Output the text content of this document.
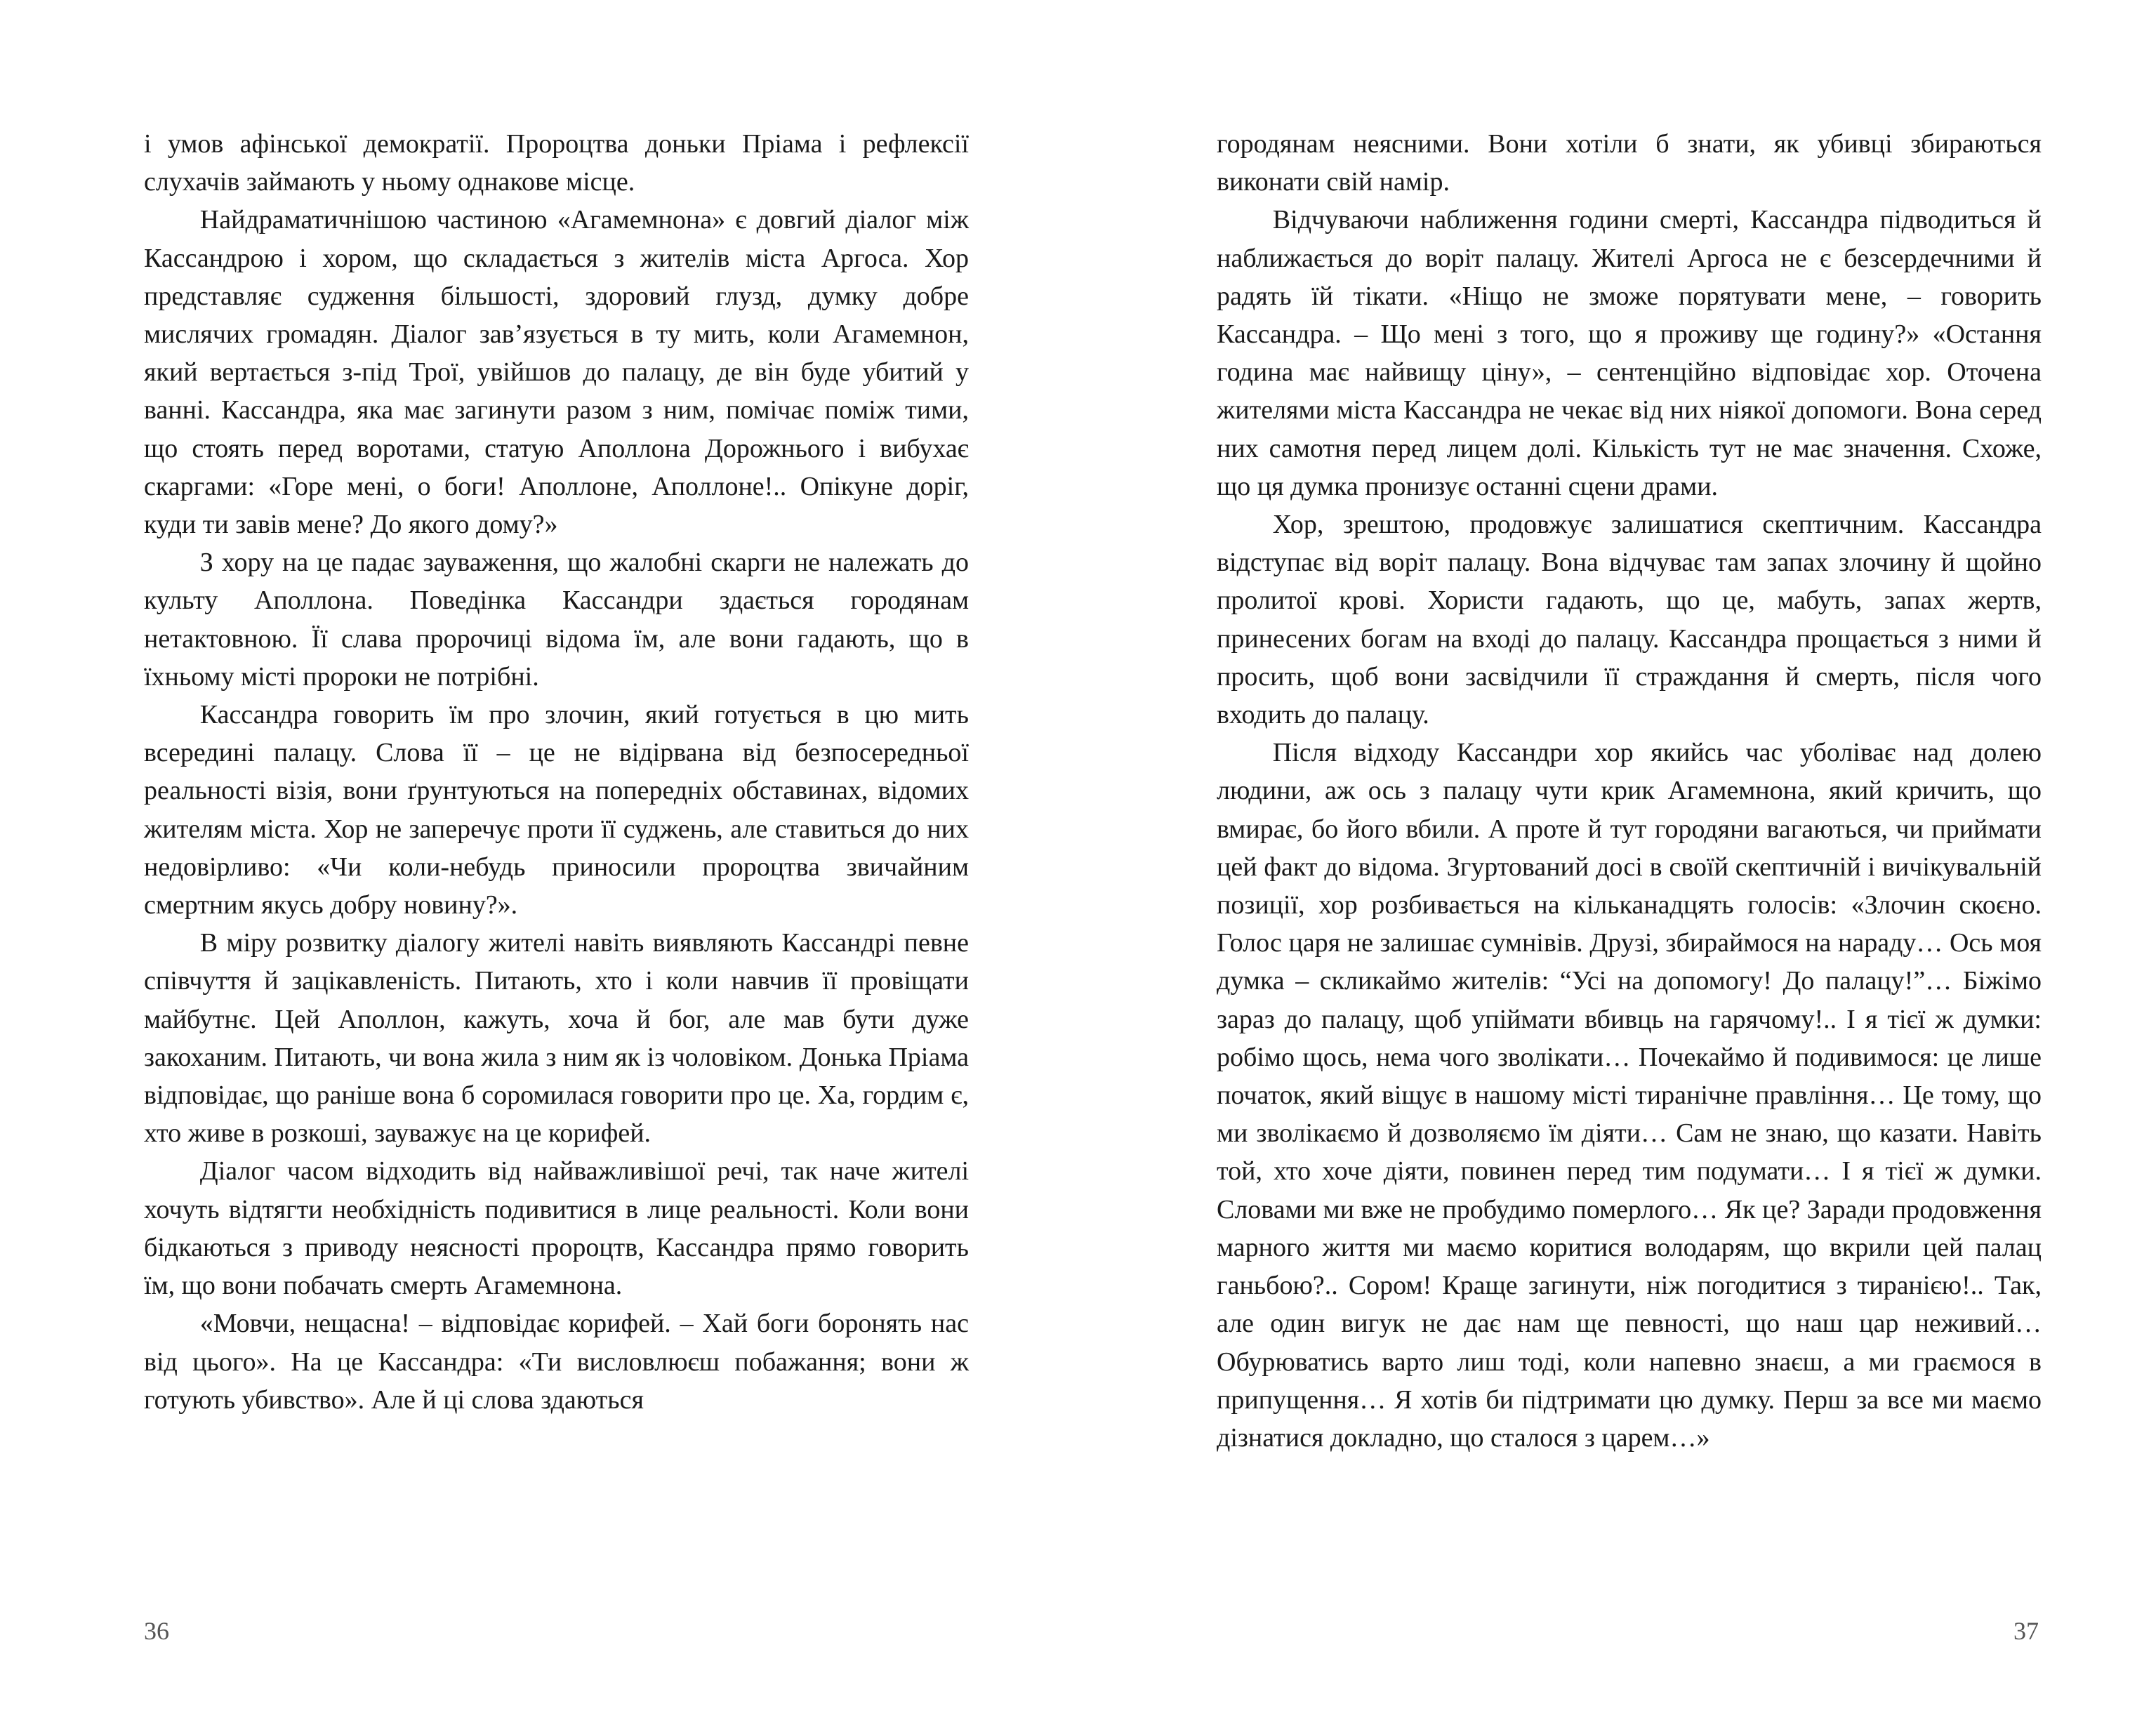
і умов афінської демократії. Пророцтва доньки Пріама і рефлексії слухачів займають у ньому однакове місце.

Найдраматичнішою частиною «Агамемнона» є довгий діалог між Кассандрою і хором, що складається з жителів міста Аргоса. Хор представляє судження більшості, здоровий глузд, думку добре мислячих громадян. Діалог зав’язується в ту мить, коли Агамемнон, який вертається з-під Трої, увійшов до палацу, де він буде убитий у ванні. Кассандра, яка має загинути разом з ним, помічає поміж тими, що стоять перед воротами, статую Аполлона Дорожнього і вибухає скаргами: «Горе мені, о боги! Аполлоне, Аполлоне!.. Опікуне доріг, куди ти завів мене? До якого дому?»

З хору на це падає зауваження, що жалобні скарги не належать до культу Аполлона. Поведінка Кассандри здається городянам нетактовною. Її слава пророчиці відома їм, але вони гадають, що в їхньому місті пророки не потрібні.

Кассандра говорить їм про злочин, який готується в цю мить всередині палацу. Слова її – це не відірвана від безпосередньої реальності візія, вони ґрунтуються на попередніх обставинах, відомих жителям міста. Хор не заперечує проти її суджень, але ставиться до них недовірливо: «Чи коли-небудь приносили пророцтва звичайним смертним якусь добру новину?».

В міру розвитку діалогу жителі навіть виявляють Кассандрі певне співчуття й зацікавленість. Питають, хто і коли навчив її провіщати майбутнє. Цей Аполлон, кажуть, хоча й бог, але мав бути дуже закоханим. Питають, чи вона жила з ним як із чоловіком. Донька Пріама відповідає, що раніше вона б соромилася говорити про це. Ха, гордим є, хто живе в розкоші, зауважує на це корифей.

Діалог часом відходить від найважливішої речі, так наче жителі хочуть відтягти необхідність подивитися в лице реальності. Коли вони бідкаються з приводу неясності пророцтв, Кассандра прямо говорить їм, що вони побачать смерть Агамемнона.

«Мовчи, нещасна! – відповідає корифей. – Хай боги боронять нас від цього». На це Кассандра: «Ти висловлюєш побажання; вони ж готують убивство». Але й ці слова здаються

36

городянам неясними. Вони хотіли б знати, як убивці збираються виконати свій намір.

Відчуваючи наближення години смерті, Кассандра підводиться й наближається до воріт палацу. Жителі Аргоса не є безсердечними й радять їй тікати. «Ніщо не зможе порятувати мене, – говорить Кассандра. – Що мені з того, що я проживу ще годину?» «Остання година має найвищу ціну», – сентенційно відповідає хор. Оточена жителями міста Кассандра не чекає від них ніякої допомоги. Вона серед них самотня перед лицем долі. Кількість тут не має значення. Схоже, що ця думка пронизує останні сцени драми.

Хор, зрештою, продовжує залишатися скептичним. Кассандра відступає від воріт палацу. Вона відчуває там запах злочину й щойно пролитої крові. Хористи гадають, що це, мабуть, запах жертв, принесених богам на вході до палацу. Кассандра прощається з ними й просить, щоб вони засвідчили її страждання й смерть, після чого входить до палацу.

Після відходу Кассандри хор якийсь час уболіває над долею людини, аж ось з палацу чути крик Агамемнона, який кричить, що вмирає, бо його вбили. А проте й тут городяни вагаються, чи приймати цей факт до відома. Згуртований досі в своїй скептичній і вичікувальній позиції, хор розбивається на кільканадцять голосів: «Злочин скоєно. Голос царя не залишає сумнівів. Друзі, збираймося на нараду… Ось моя думка – скликаймо жителів: “Усі на допомогу! До палацу!”… Біжімо зараз до палацу, щоб упіймати вбивць на гарячому!.. І я тієї ж думки: робімо щось, нема чого зволікати… Почекаймо й подивимося: це лише початок, який віщує в нашому місті тиранічне правління… Це тому, що ми зволікаємо й дозволяємо їм діяти… Сам не знаю, що казати. Навіть той, хто хоче діяти, повинен перед тим подумати… І я тієї ж думки. Словами ми вже не пробудимо померлого… Як це? Заради продовження марного життя ми маємо коритися володарям, що вкрили цей палац ганьбою?.. Сором! Краще загинути, ніж погодитися з тиранією!.. Так, але один вигук не дає нам ще певності, що наш цар неживий… Обурюватись варто лиш тоді, коли напевно знаєш, а ми граємося в припущення… Я хотів би підтримати цю думку. Перш за все ми маємо дізнатися докладно, що сталося з царем…»

37
